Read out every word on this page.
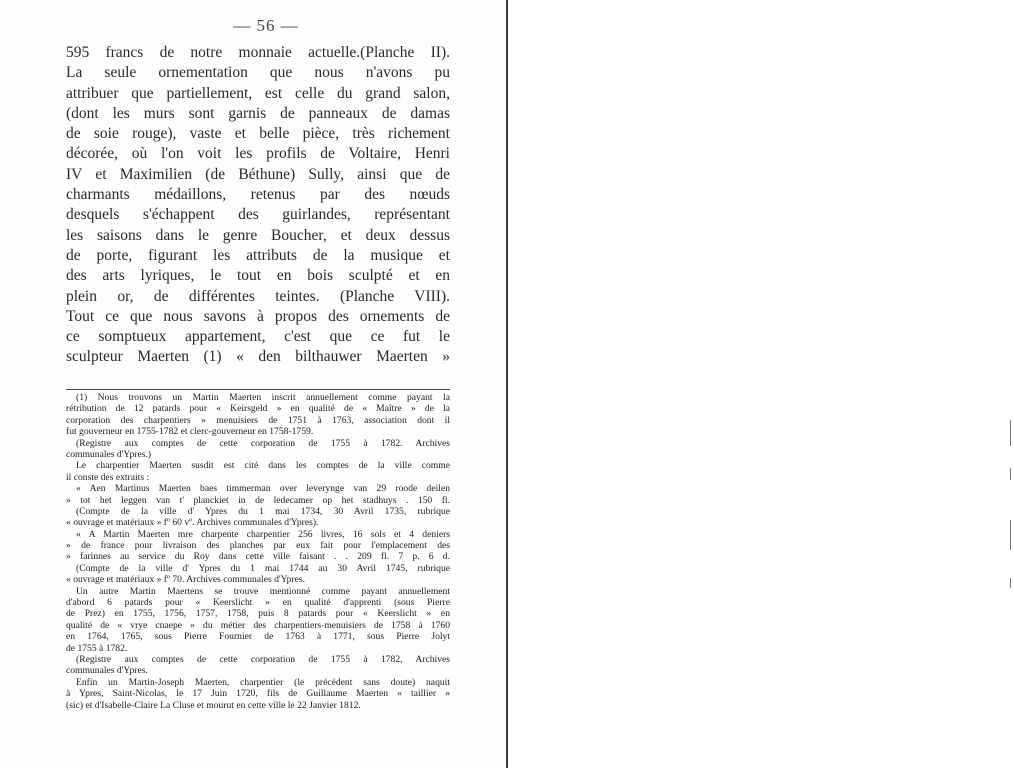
— 56 —
595 francs de notre monnaie actuelle.(Planche II).
La seule ornementation que nous n'avons pu
attribuer que partiellement, est celle du grand salon,
(dont les murs sont garnis de panneaux de damas
de soie rouge), vaste et belle pièce, très richement
décorée, où l'on voit les profils de Voltaire, Henri
IV et Maximilien (de Béthune) Sully, ainsi que de
charmants médaillons, retenus par des nœuds
desquels s'échappent des guirlandes, représentant
les saisons dans le genre Boucher, et deux dessus
de porte, figurant les attributs de la musique et
des arts lyriques, le tout en bois sculpté et en
plein or, de différentes teintes. (Planche VIII).
Tout ce que nous savons à propos des ornements de
ce somptueux appartement, c'est que ce fut le
sculpteur Maerten (1) « den bilthauwer Maerten »
(1) Nous trouvons un Martin Maerten inscrit annuellement comme payant la
rétribution de 12 patards pour « Keirsgeld » en qualité de « Maître » de la
corporation des charpentiers » menuisiers de 1751 à 1763, association dont il
fut gouverneur en 1755-1782 et clerc-gouverneur en 1758-1759.
(Registre aux comptes de cette corporation de 1755 à 1782. Archives
communales d'Ypres.)
Le charpentier Maerten susdit est cité dans les comptes de la ville comme
il conste des extraits :
« Aen Martinus Maerten baes timmerman over leverynge van 29 roode deilen
» tot het leggen van t' planckiet in de ledecamer op het stadhuys . 150 fl.
(Compte de la ville d' Ypres du 1 mai 1734, 30 Avril 1735, rubrique
« ouvrage et matériaux » fº 60 vº. Archives communales d'Ypres).
« A Martin Maerten mre charpente charpentier 256 livres, 16 sols et 4 deniers
» de france pour livraison des planches par eux fait pour l'emplacement des
» farinnes au service du Roy dans cette ville faisant . . 209 fl. 7 p. 6 d.
(Compte de la ville d' Ypres du 1 mai 1744 au 30 Avril 1745, rubrique
« ouvrage et matériaux » fº 70. Archives communales d'Ypres.
Un autre Martin Maertens se trouve mentionné comme payant annuellement
d'abord 6 patards pour « Keerslicht » en qualité d'apprenti (sous Pierre
de Prez) en 1755, 1756, 1757, 1758, puis 8 patards pour « Keerslicht » en
qualité de « vrye cnaepe » du métier des charpentiers-menuisiers de 1758 à 1760
en 1764, 1765, sous Pierre Fournier de 1763 à 1771, sous Pierre Jolyt
de 1755 à 1782.
(Registre aux comptes de cette corporation de 1755 à 1782, Archives
communales d'Ypres.
Enfin un Martin-Joseph Maerten, charpentier (le précédent sans doute) naquit
à Ypres, Saint-Nicolas, le 17 Juin 1720, fils de Guillaume Maerten « taillier »
(sic) et d'Isabelle-Claire La Cluse et mourut en cette ville le 22 Janvier 1812.
